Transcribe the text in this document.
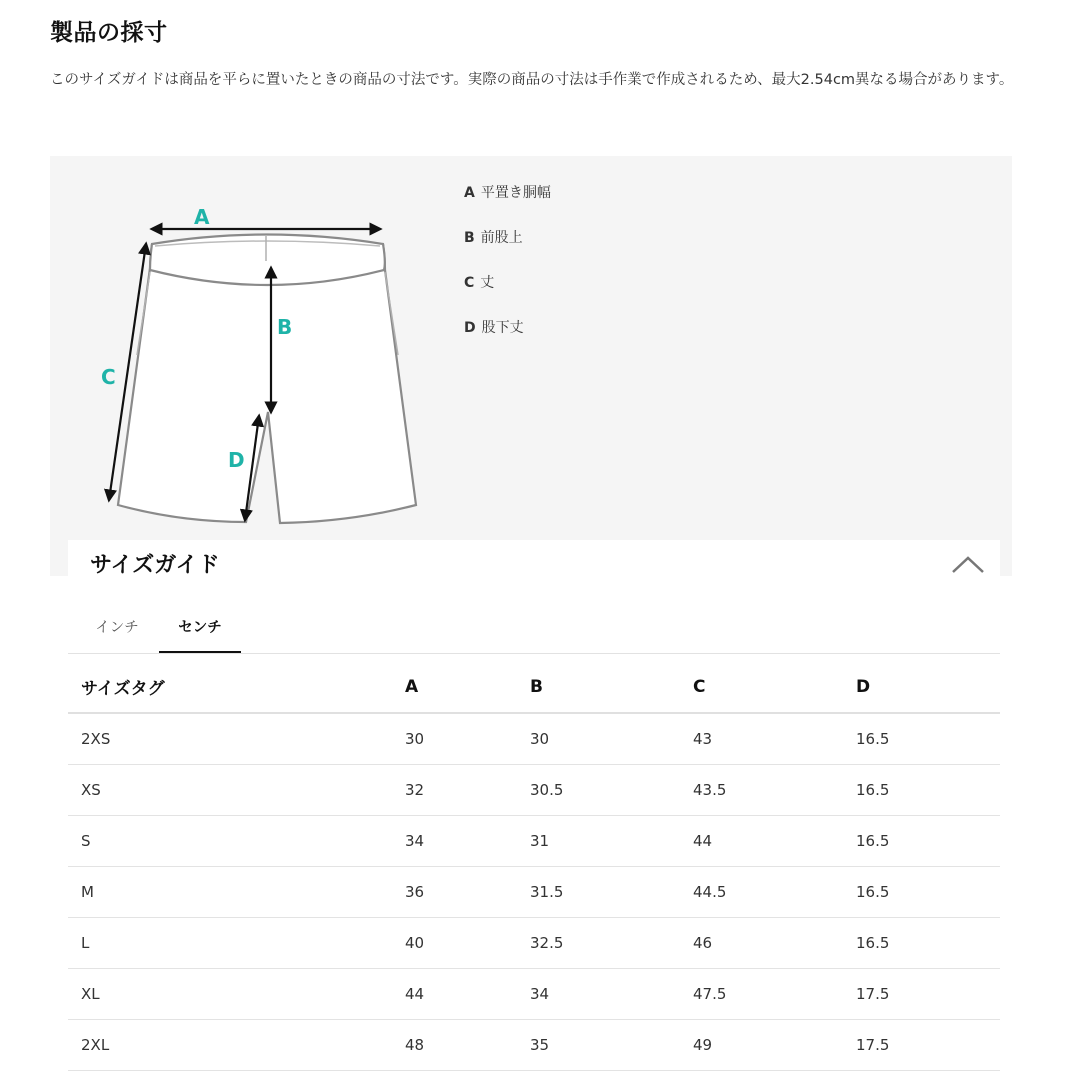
製品の採寸

このサイズガイドは商品を平らに置いたときの商品の寸法です。実際の商品の寸法は手作業で作成されるため、最大2.54cm異なる場合があります。

A
B
C
D
A 平置き胴幅
B 前股上
C 丈
D 股下丈
サイズガイド
インチ	センチ
サイズタグ	A	B	C	D
2XS	30	30	43	16.5
XS	32	30.5	43.5	16.5
S	34	31	44	16.5
M	36	31.5	44.5	16.5
L	40	32.5	46	16.5
XL	44	34	47.5	17.5
2XL	48	35	49	17.5
